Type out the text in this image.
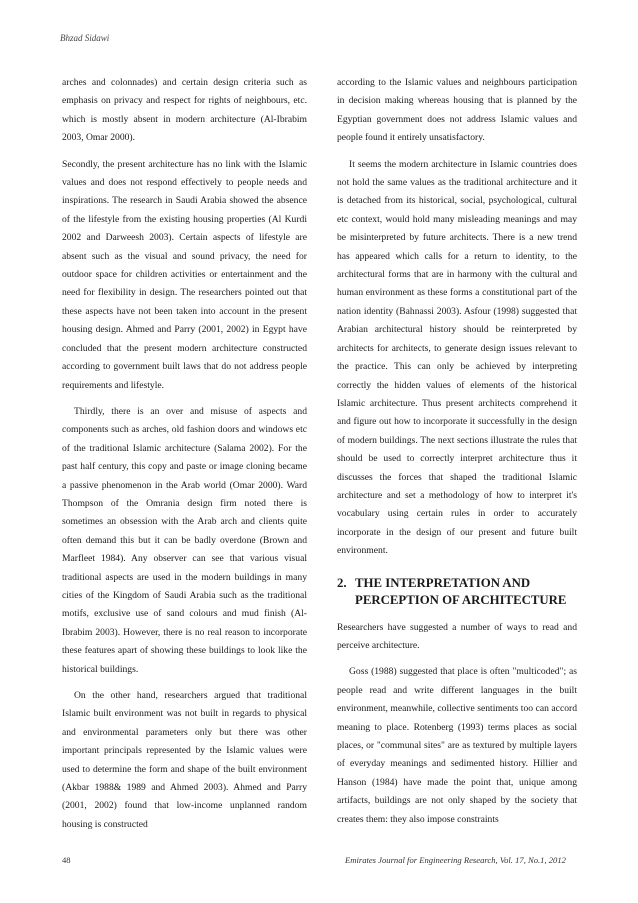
Bhzad Sidawi

arches and colonnades) and certain design criteria such as emphasis on privacy and respect for rights of neighbours, etc. which is mostly absent in modern architecture (Al-Ibrabim 2003, Omar 2000).

Secondly, the present architecture has no link with the Islamic values and does not respond effectively to people needs and inspirations. The research in Saudi Arabia showed the absence of the lifestyle from the existing housing properties (Al Kurdi 2002 and Darweesh 2003). Certain aspects of lifestyle are absent such as the visual and sound privacy, the need for outdoor space for children activities or entertainment and the need for flexibility in design. The researchers pointed out that these aspects have not been taken into account in the present housing design. Ahmed and Parry (2001, 2002) in Egypt have concluded that the present modern architecture constructed according to government built laws that do not address people requirements and lifestyle.

Thirdly, there is an over and misuse of aspects and components such as arches, old fashion doors and windows etc of the traditional Islamic architecture (Salama 2002). For the past half century, this copy and paste or image cloning became a passive phenomenon in the Arab world (Omar 2000). Ward Thompson of the Omrania design firm noted there is sometimes an obsession with the Arab arch and clients quite often demand this but it can be badly overdone (Brown and Marfleet 1984). Any observer can see that various visual traditional aspects are used in the modern buildings in many cities of the Kingdom of Saudi Arabia such as the traditional motifs, exclusive use of sand colours and mud finish (Al-Ibrabim 2003). However, there is no real reason to incorporate these features apart of showing these buildings to look like the historical buildings.

On the other hand, researchers argued that traditional Islamic built environment was not built in regards to physical and environmental parameters only but there was other important principals represented by the Islamic values were used to determine the form and shape of the built environment (Akbar 1988& 1989 and Ahmed 2003). Ahmed and Parry (2001, 2002) found that low-income unplanned random housing is constructed

according to the Islamic values and neighbours participation in decision making whereas housing that is planned by the Egyptian government does not address Islamic values and people found it entirely unsatisfactory.

It seems the modern architecture in Islamic countries does not hold the same values as the traditional architecture and it is detached from its historical, social, psychological, cultural etc context, would hold many misleading meanings and may be misinterpreted by future architects. There is a new trend has appeared which calls for a return to identity, to the architectural forms that are in harmony with the cultural and human environment as these forms a constitutional part of the nation identity (Bahnassi 2003). Asfour (1998) suggested that Arabian architectural history should be reinterpreted by architects for architects, to generate design issues relevant to the practice. This can only be achieved by interpreting correctly the hidden values of elements of the historical Islamic architecture. Thus present architects comprehend it and figure out how to incorporate it successfully in the design of modern buildings. The next sections illustrate the rules that should be used to correctly interpret architecture thus it discusses the forces that shaped the traditional Islamic architecture and set a methodology of how to interpret it's vocabulary using certain rules in order to accurately incorporate in the design of our present and future built environment.

2. THE INTERPRETATION AND PERCEPTION OF ARCHITECTURE

Researchers have suggested a number of ways to read and perceive architecture.

Goss (1988) suggested that place is often "multicoded"; as people read and write different languages in the built environment, meanwhile, collective sentiments too can accord meaning to place. Rotenberg (1993) terms places as social places, or "communal sites" are as textured by multiple layers of everyday meanings and sedimented history. Hillier and Hanson (1984) have made the point that, unique among artifacts, buildings are not only shaped by the society that creates them: they also impose constraints

48	Emirates Journal for Engineering Research, Vol. 17, No.1, 2012
